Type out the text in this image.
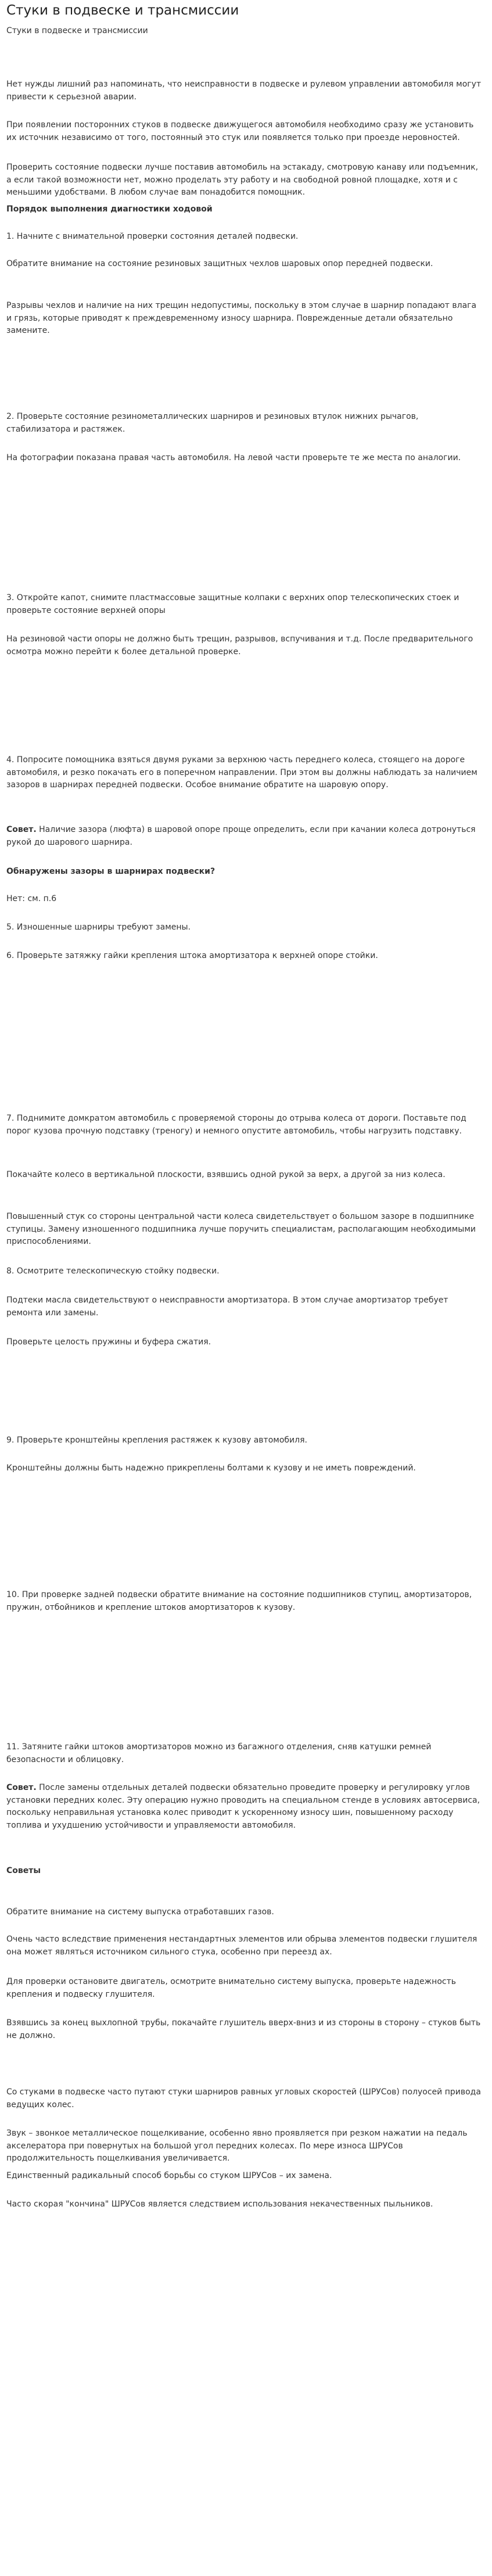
Стуки в подвеске и трансмиссии

Стуки в подвеске и трансмиссии

Нет нужды лишний раз напоминать, что неисправности в подвеске и рулевом управлении автомобиля могут привести к серьезной аварии.

При появлении посторонних стуков в подвеске движущегося автомобиля необходимо сразу же установить их источник независимо от того, постоянный это стук или появляется только при проезде неровностей.

Проверить состояние подвески лучше поставив автомобиль на эстакаду, смотровую канаву или подъемник, а если такой возможности нет, можно проделать эту работу и на свободной ровной площадке, хотя и с меньшими удобствами. В любом случае вам понадобится помощник.

Порядок выполнения диагностики ходовой

1. Начните с внимательной проверки состояния деталей подвески.

Обратите внимание на состояние резиновых защитных чехлов шаровых опор передней подвески.

Разрывы чехлов и наличие на них трещин недопустимы, поскольку в этом случае в шарнир попадают влага и грязь, которые приводят к преждевременному износу шарнира. Поврежденные детали обязательно замените.

2. Проверьте состояние резинометаллических шарниров и резиновых втулок нижних рычагов, стабилизатора и растяжек.

На фотографии показана правая часть автомобиля. На левой части проверьте те же места по аналогии.

3. Откройте капот, снимите пластмассовые защитные колпаки с верхних опор телескопических стоек и проверьте состояние верхней опоры

На резиновой части опоры не должно быть трещин, разрывов, вспучивания и т.д. После предварительного осмотра можно перейти к более детальной проверке.

4. Попросите помощника взяться двумя руками за верхнюю часть переднего колеса, стоящего на дороге автомобиля, и резко покачать его в поперечном направлении. При этом вы должны наблюдать за наличием зазоров в шарнирах передней подвески. Особое внимание обратите на шаровую опору.

Совет. Наличие зазора (люфта) в шаровой опоре проще определить, если при качании колеса дотронуться рукой до шарового шарнира.

Обнаружены зазоры в шарнирах подвески?

Нет: см. п.6

5. Изношенные шарниры требуют замены.

6. Проверьте затяжку гайки крепления штока амортизатора к верхней опоре стойки.

7. Поднимите домкратом автомобиль с проверяемой стороны до отрыва колеса от дороги. Поставьте под порог кузова прочную подставку (треногу) и немного опустите автомобиль, чтобы нагрузить подставку.

Покачайте колесо в вертикальной плоскости, взявшись одной рукой за верх, а другой за низ колеса.

Повышенный стук со стороны центральной части колеса свидетельствует о большом зазоре в подшипнике ступицы. Замену изношенного подшипника лучше поручить специалистам, располагающим необходимыми приспособлениями.

8. Осмотрите телескопическую стойку подвески.

Подтеки масла свидетельствуют о неисправности амортизатора. В этом случае амортизатор требует ремонта или замены.

Проверьте целость пружины и буфера сжатия.

9. Проверьте кронштейны крепления растяжек к кузову автомобиля.

Кронштейны должны быть надежно прикреплены болтами к кузову и не иметь повреждений.

10. При проверке задней подвески обратите внимание на состояние подшипников ступиц, амортизаторов, пружин, отбойников и крепление штоков амортизаторов к кузову.

11. Затяните гайки штоков амортизаторов можно из багажного отделения, сняв катушки ремней безопасности и облицовку.

Совет. После замены отдельных деталей подвески обязательно проведите проверку и регулировку углов установки передних колес. Эту операцию нужно проводить на специальном стенде в условиях автосервиса, поскольку неправильная установка колес приводит к ускоренному износу шин, повышенному расходу топлива и ухудшению устойчивости и управляемости автомобиля.

Советы

Обратите внимание на систему выпуска отработавших газов.

Очень часто вследствие применения нестандартных элементов или обрыва элементов подвески глушителя она может являться источником сильного стука, особенно при переезд ах.

Для проверки остановите двигатель, осмотрите внимательно систему выпуска, проверьте надежность крепления и подвеску глушителя.

Взявшись за конец выхлопной трубы, покачайте глушитель вверх-вниз и из стороны в сторону – стуков быть не должно.

Со стуками в подвеске часто путают стуки шарниров равных угловых скоростей (ШРУСов) полуосей привода ведущих колес.

Звук – звонкое металлическое пощелкивание, особенно явно проявляется при резком нажатии на педаль акселератора при повернутых на большой угол передних колесах. По мере износа ШРУСов продолжительность пощелкивания увеличивается.

Единственный радикальный способ борьбы со стуком ШРУСов – их замена.

Часто скорая "кончина" ШРУСов является следствием использования некачественных пыльников.
